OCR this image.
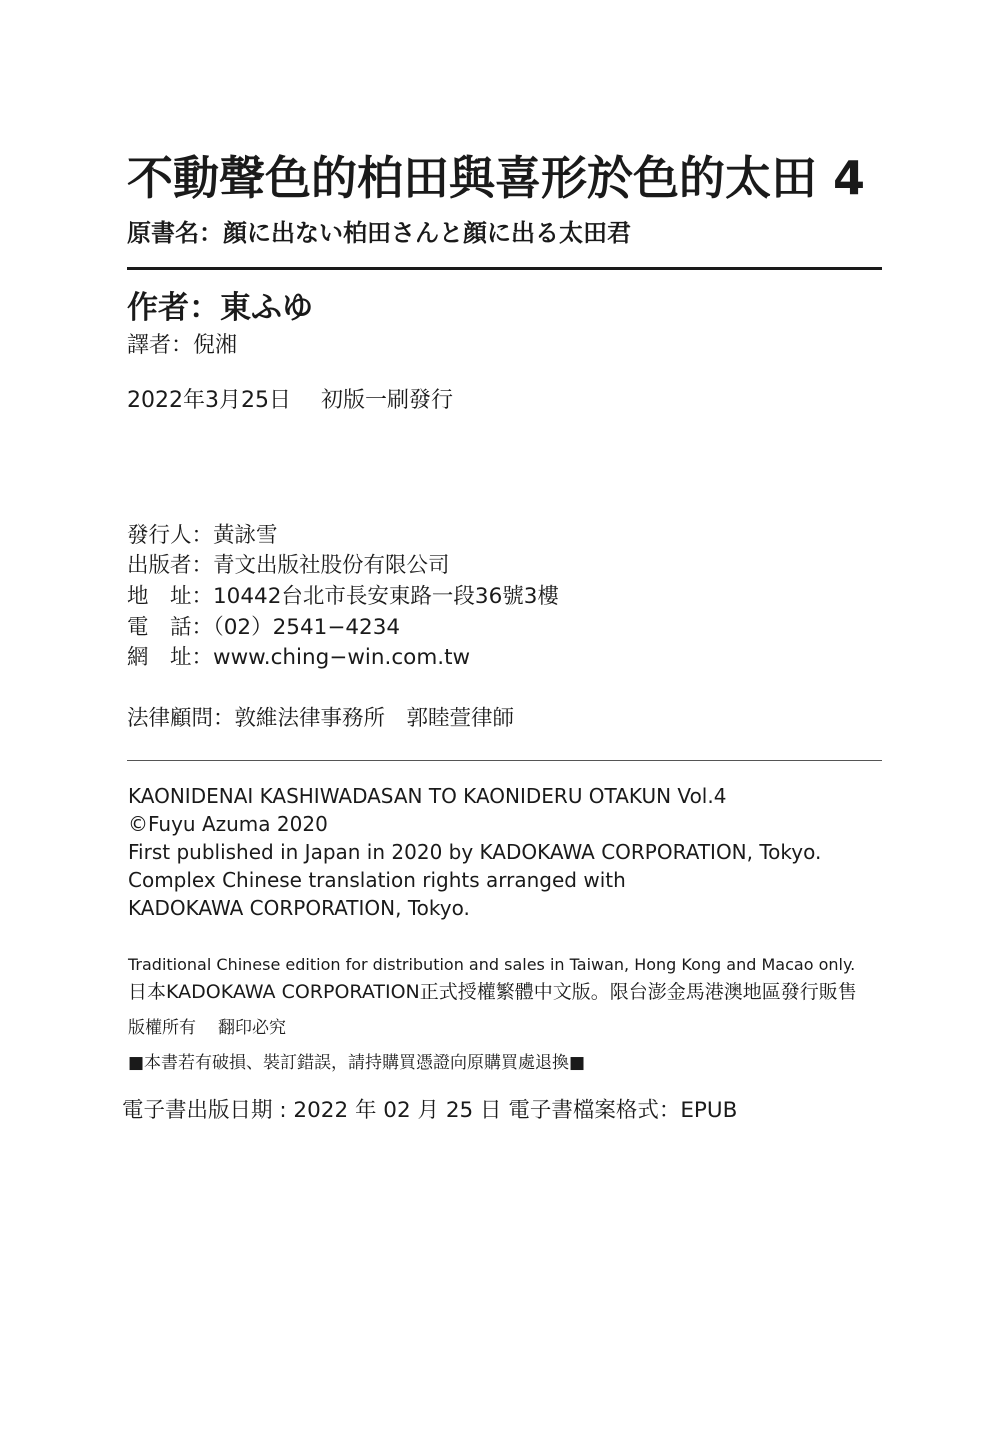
不動聲色的柏田與喜形於色的太田 4
原書名：顔に出ない柏田さんと顔に出る太田君
作者：東ふゆ
譯者：倪湘
2022年3月25日 初版一刷發行
發行人：黃詠雪
出版者：青文出版社股份有限公司
地　址：10442台北市長安東路一段36號3樓
電　話：（02）2541−4234
網　址：www.ching−win.com.tw
法律顧問：敦維法律事務所　郭睦萱律師
KAONIDENAI KASHIWADASAN TO KAONIDERU OTAKUN Vol.4
©Fuyu Azuma 2020
First published in Japan in 2020 by KADOKAWA CORPORATION, Tokyo.
Complex Chinese translation rights arranged with
KADOKAWA CORPORATION, Tokyo.
Traditional Chinese edition for distribution and sales in Taiwan, Hong Kong and Macao only.
日本KADOKAWA CORPORATION正式授權繁體中文版。限台澎金馬港澳地區發行販售
版權所有 翻印必究
■本書若有破損、裝訂錯誤，請持購買憑證向原購買處退換■
電子書出版日期 : 2022 年 02 月 25 日 電子書檔案格式：EPUB
